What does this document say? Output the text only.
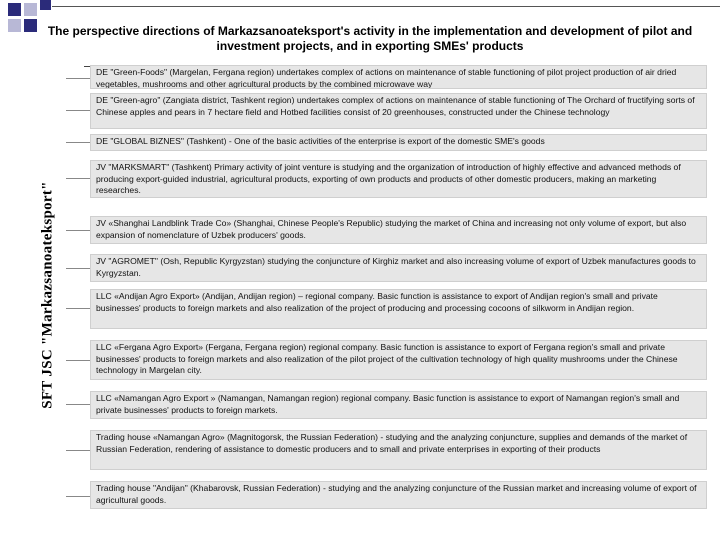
The perspective directions of Markazsanoateksport's activity in the implementation and development of pilot and investment projects, and in exporting SMEs' products
SFT JSC "Markazsanoateksport"
DE "Green-Foods" (Margelan, Fergana region) undertakes complex of actions on maintenance of stable functioning of pilot project production of air dried vegetables, mushrooms and other agricultural products by the combined microwave way
DE "Green-agro" (Zangiata district, Tashkent region) undertakes complex of actions on maintenance of stable functioning of The Orchard of fructifying sorts of Chinese apples and pears in 7 hectare field and Hotbed facilities consist of 20 greenhouses, constructed under the Chinese technology
DE "GLOBAL BIZNES" (Tashkent) - One of the basic activities of the enterprise is export of the domestic SME's goods
JV "MARKSMART" (Tashkent) Primary activity of joint venture is studying and the organization of introduction of highly effective and advanced methods of producing export-guided industrial, agricultural products, exporting of own products and products of other domestic producers, making an marketing researches.
JV «Shanghai Landblink Trade Co» (Shanghai, Chinese People's Republic) studying the market of China and increasing not only volume of export, but also expansion of nomenclature of Uzbek producers' goods.
JV "AGROMET" (Osh, Republic Kyrgyzstan) studying the conjuncture of Kirghiz market and also increasing volume of export of Uzbek manufactures goods to Kyrgyzstan.
LLC «Andijan Agro Export» (Andijan, Andijan region) – regional company. Basic function is assistance to export of Andijan region's small and private businesses' products to foreign markets and also realization of the project of producing and processing cocoons of silkworm in Andijan region.
LLC «Fergana Agro Export» (Fergana, Fergana region) regional company. Basic function is assistance to export of Fergana region's small and private businesses' products to foreign markets and also realization of the pilot project of the cultivation technology of high quality mushrooms under the Chinese technology in Margelan city.
LLC «Namangan Agro Export » (Namangan, Namangan region) regional company. Basic function is assistance to export of Namangan region's small and private businesses' products to foreign markets.
Trading house «Namangan Agro» (Magnitogorsk, the Russian Federation) - studying and the analyzing conjuncture, supplies and demands of the market of Russian Federation, rendering of assistance to domestic producers and to small and private enterprises in exporting of their products
Trading house "Andijan" (Khabarovsk, Russian Federation) - studying and the analyzing conjuncture of the Russian market and increasing volume of export of agricultural goods.
